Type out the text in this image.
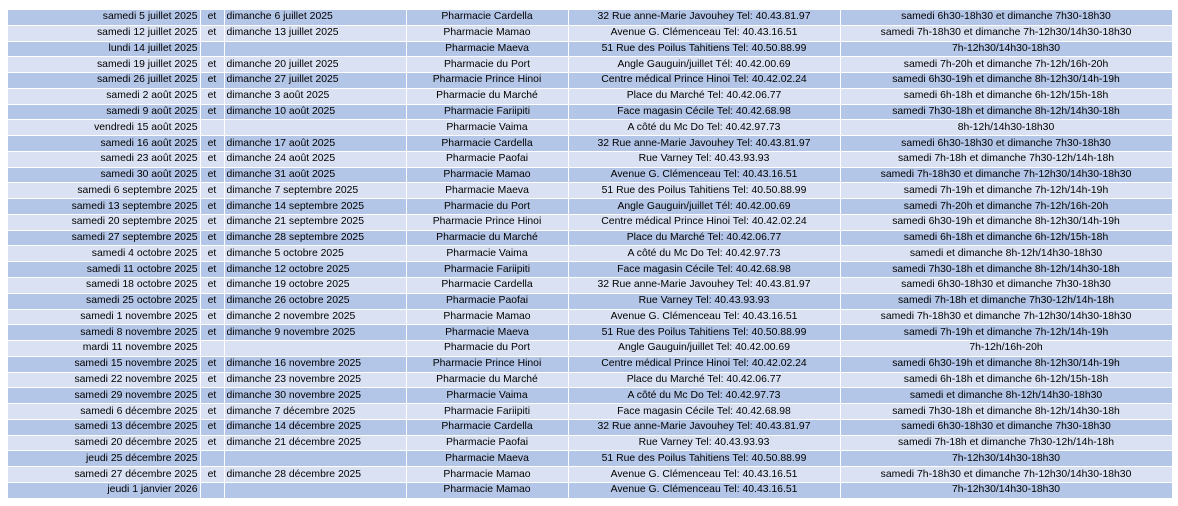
samedi 5 juillet 2025	et	dimanche 6 juillet 2025	Pharmacie Cardella	32 Rue anne-Marie Javouhey Tel: 40.43.81.97	samedi 6h30-18h30 et dimanche 7h30-18h30
samedi 12 juillet 2025	et	dimanche 13 juillet 2025	Pharmacie Mamao	Avenue G. Clémenceau Tel: 40.43.16.51	samedi 7h-18h30 et dimanche 7h-12h30/14h30-18h30
lundi 14 juillet 2025			Pharmacie Maeva	51 Rue des Poilus Tahitiens Tel: 40.50.88.99	7h-12h30/14h30-18h30
samedi 19 juillet 2025	et	dimanche 20 juillet 2025	Pharmacie du Port	Angle Gauguin/juillet Tél: 40.42.00.69	samedi 7h-20h et dimanche 7h-12h/16h-20h
samedi 26 juillet 2025	et	dimanche 27 juillet 2025	Pharmacie Prince Hinoi	Centre médical Prince Hinoi Tel: 40.42.02.24	samedi 6h30-19h et dimanche 8h-12h30/14h-19h
samedi 2 août 2025	et	dimanche 3 août 2025	Pharmacie du Marché	Place du Marché Tel: 40.42.06.77	samedi 6h-18h et dimanche 6h-12h/15h-18h
samedi 9 août 2025	et	dimanche 10 août 2025	Pharmacie Fariipiti	Face magasin Cécile Tel: 40.42.68.98	samedi 7h30-18h et dimanche 8h-12h/14h30-18h
vendredi 15 août 2025			Pharmacie Vaima	A côté du Mc Do Tel: 40.42.97.73	8h-12h/14h30-18h30
samedi 16 août 2025	et	dimanche 17 août 2025	Pharmacie Cardella	32 Rue anne-Marie Javouhey Tel: 40.43.81.97	samedi 6h30-18h30 et dimanche 7h30-18h30
samedi 23 août 2025	et	dimanche 24 août 2025	Pharmacie Paofai	Rue Varney Tel: 40.43.93.93	samedi 7h-18h et dimanche 7h30-12h/14h-18h
samedi 30 août 2025	et	dimanche 31 août 2025	Pharmacie Mamao	Avenue G. Clémenceau Tel: 40.43.16.51	samedi 7h-18h30 et dimanche 7h-12h30/14h30-18h30
samedi 6 septembre 2025	et	dimanche 7 septembre 2025	Pharmacie Maeva	51 Rue des Poilus Tahitiens Tel: 40.50.88.99	samedi 7h-19h et dimanche 7h-12h/14h-19h
samedi 13 septembre 2025	et	dimanche 14 septembre 2025	Pharmacie du Port	Angle Gauguin/juillet Tél: 40.42.00.69	samedi 7h-20h et dimanche 7h-12h/16h-20h
samedi 20 septembre 2025	et	dimanche 21 septembre 2025	Pharmacie Prince Hinoi	Centre médical Prince Hinoi Tel: 40.42.02.24	samedi 6h30-19h et dimanche 8h-12h30/14h-19h
samedi 27 septembre 2025	et	dimanche 28 septembre 2025	Pharmacie du Marché	Place du Marché Tel: 40.42.06.77	samedi 6h-18h et dimanche 6h-12h/15h-18h
samedi 4 octobre 2025	et	dimanche 5 octobre 2025	Pharmacie Vaima	A côté du Mc Do Tel: 40.42.97.73	samedi et dimanche 8h-12h/14h30-18h30
samedi 11 octobre 2025	et	dimanche 12 octobre 2025	Pharmacie Fariipiti	Face magasin Cécile Tel: 40.42.68.98	samedi 7h30-18h et dimanche 8h-12h/14h30-18h
samedi 18 octobre 2025	et	dimanche 19 octobre 2025	Pharmacie Cardella	32 Rue anne-Marie Javouhey Tel: 40.43.81.97	samedi 6h30-18h30 et dimanche 7h30-18h30
samedi 25 octobre 2025	et	dimanche 26 octobre 2025	Pharmacie Paofai	Rue Varney Tel: 40.43.93.93	samedi 7h-18h et dimanche 7h30-12h/14h-18h
samedi 1 novembre 2025	et	dimanche 2 novembre 2025	Pharmacie Mamao	Avenue G. Clémenceau Tel: 40.43.16.51	samedi 7h-18h30 et dimanche 7h-12h30/14h30-18h30
samedi 8 novembre 2025	et	dimanche 9 novembre 2025	Pharmacie Maeva	51 Rue des Poilus Tahitiens Tel: 40.50.88.99	samedi 7h-19h et dimanche 7h-12h/14h-19h
mardi 11 novembre 2025			Pharmacie du Port	Angle Gauguin/juillet Tel: 40.42.00.69	7h-12h/16h-20h
samedi 15 novembre 2025	et	dimanche 16 novembre 2025	Pharmacie Prince Hinoi	Centre médical Prince Hinoi Tel: 40.42.02.24	samedi 6h30-19h et dimanche 8h-12h30/14h-19h
samedi 22 novembre 2025	et	dimanche 23 novembre 2025	Pharmacie du Marché	Place du Marché Tel: 40.42.06.77	samedi 6h-18h et dimanche 6h-12h/15h-18h
samedi 29 novembre 2025	et	dimanche 30 novembre 2025	Pharmacie Vaima	A côté du Mc Do Tel: 40.42.97.73	samedi et dimanche 8h-12h/14h30-18h30
samedi 6 décembre 2025	et	dimanche 7 décembre 2025	Pharmacie Fariipiti	Face magasin Cécile Tel: 40.42.68.98	samedi 7h30-18h et dimanche 8h-12h/14h30-18h
samedi 13 décembre 2025	et	dimanche 14 décembre 2025	Pharmacie Cardella	32 Rue anne-Marie Javouhey Tel: 40.43.81.97	samedi 6h30-18h30 et dimanche 7h30-18h30
samedi 20 décembre 2025	et	dimanche 21 décembre 2025	Pharmacie Paofai	Rue Varney Tel: 40.43.93.93	samedi 7h-18h et dimanche 7h30-12h/14h-18h
jeudi 25 décembre 2025			Pharmacie Maeva	51 Rue des Poilus Tahitiens Tel: 40.50.88.99	7h-12h30/14h30-18h30
samedi 27 décembre 2025	et	dimanche 28 décembre 2025	Pharmacie Mamao	Avenue G. Clémenceau Tel: 40.43.16.51	samedi 7h-18h30 et dimanche 7h-12h30/14h30-18h30
jeudi 1 janvier 2026			Pharmacie Mamao	Avenue G. Clémenceau Tel: 40.43.16.51	7h-12h30/14h30-18h30
